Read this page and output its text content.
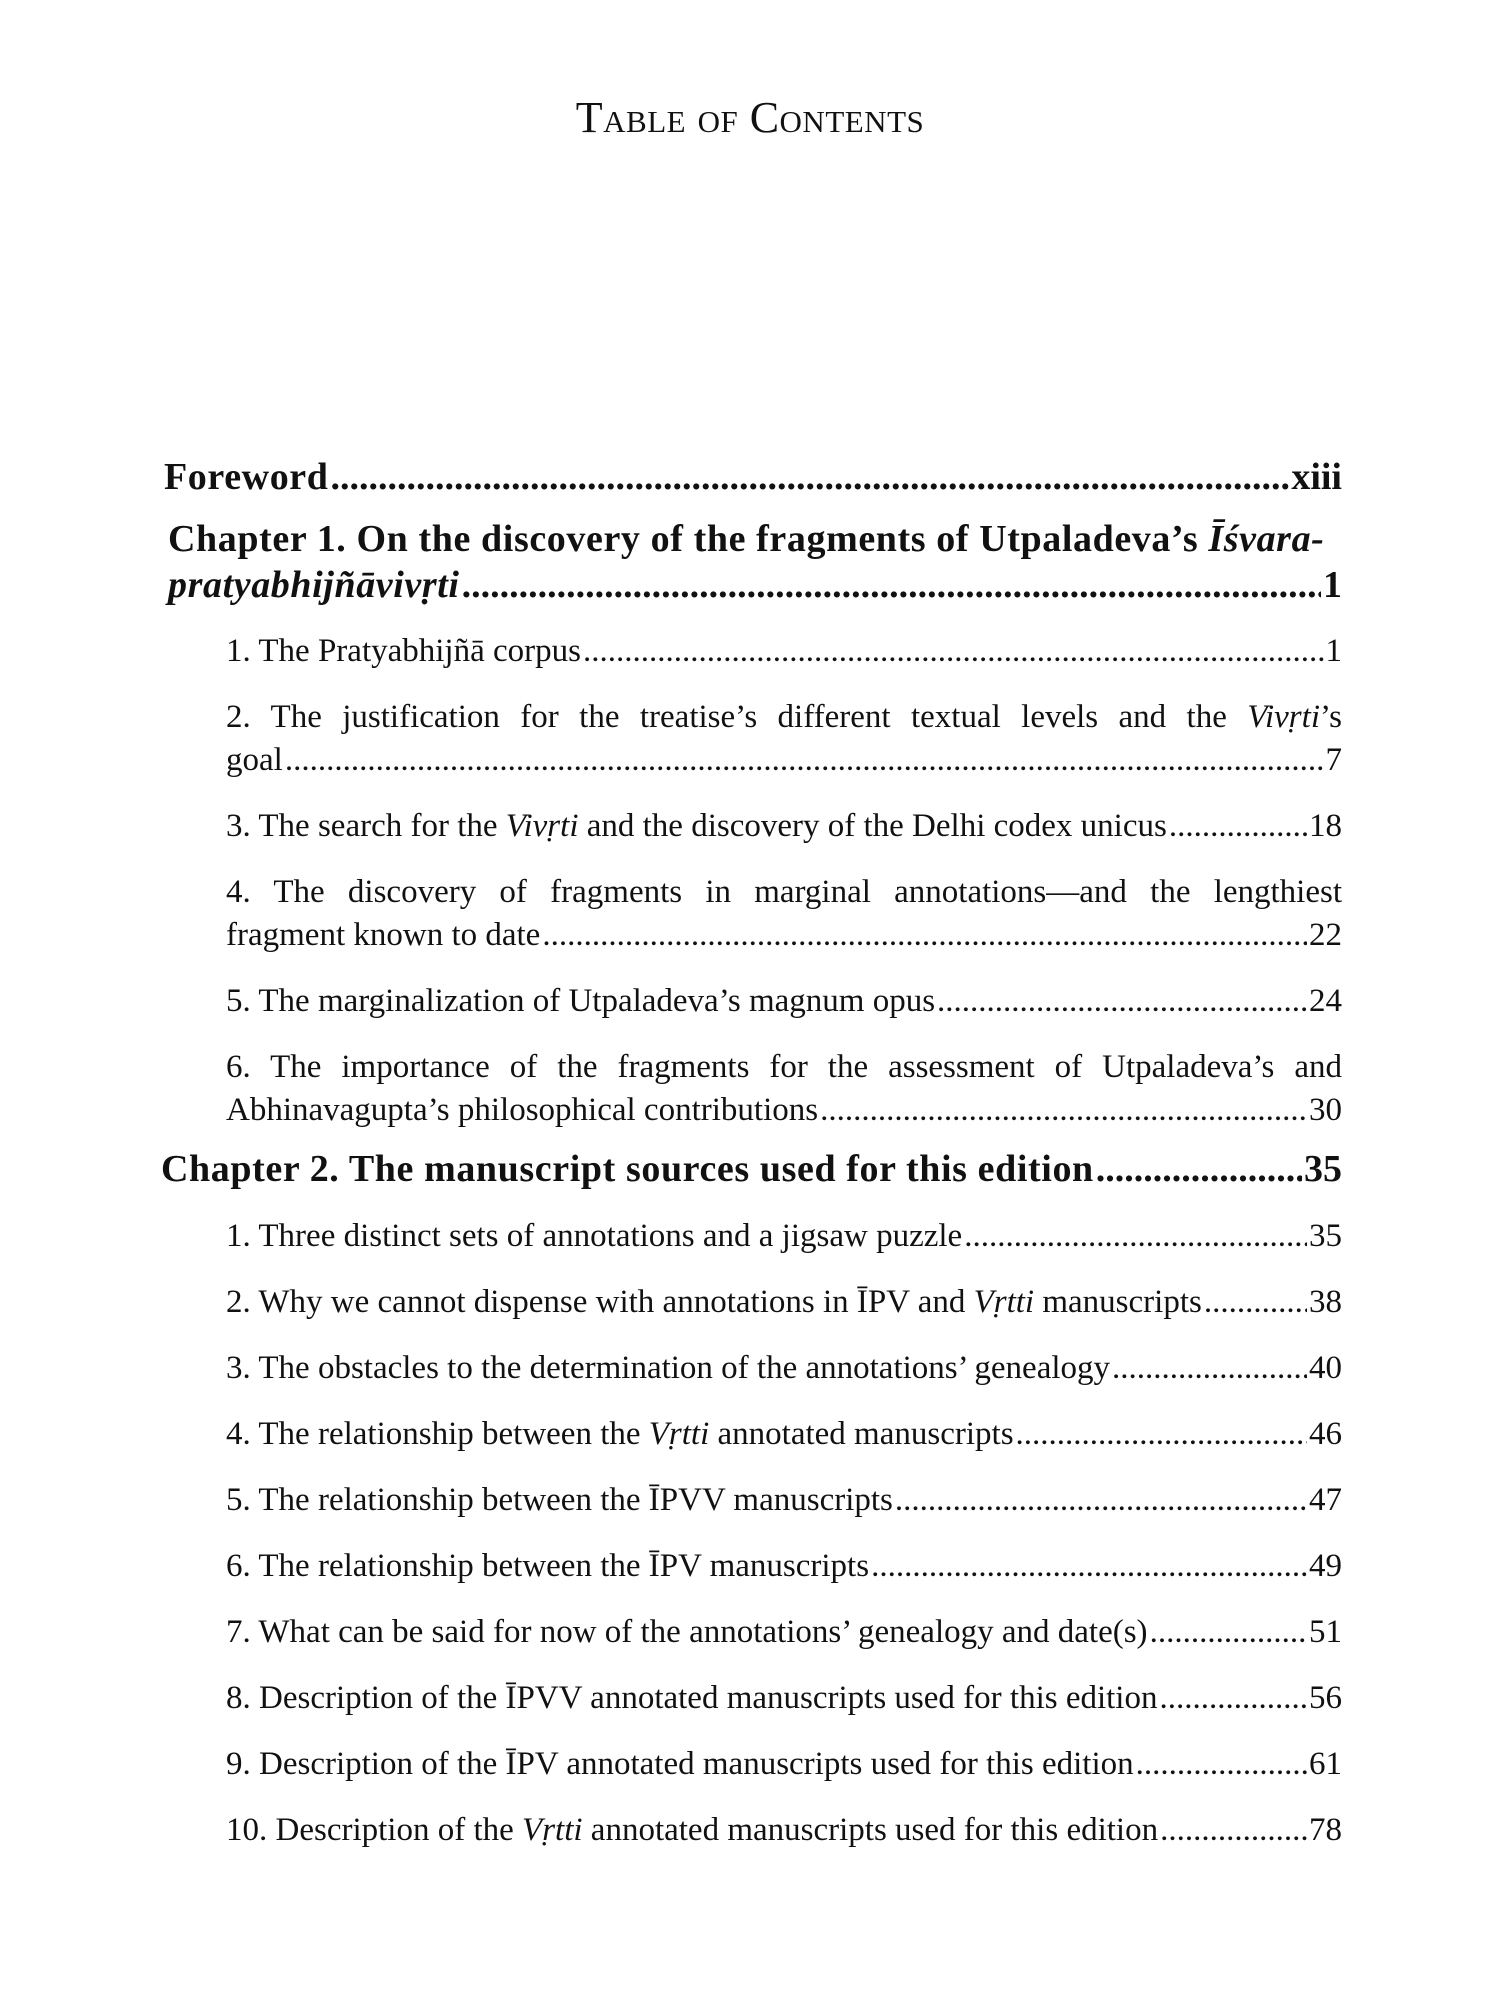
Table of Contents
Foreword .....	xiii
Chapter 1. On the discovery of the fragments of Utpaladeva’s Īśvara-
pratyabhijñāvivṛti .....	1
1. The Pratyabhijñā corpus .....	1
2. The justification for the treatise’s different textual levels and the Vivṛti’s
goal .....	7
3. The search for the Vivṛti and the discovery of the Delhi codex unicus .....	18
4. The discovery of fragments in marginal annotations—and the lengthiest
fragment known to date .....	22
5. The marginalization of Utpaladeva’s magnum opus .....	24
6. The importance of the fragments for the assessment of Utpaladeva’s and
Abhinavagupta’s philosophical contributions .....	30
Chapter 2. The manuscript sources used for this edition .....	35
1. Three distinct sets of annotations and a jigsaw puzzle .....	35
2. Why we cannot dispense with annotations in ĪPV and Vṛtti manuscripts .....	38
3. The obstacles to the determination of the annotations’ genealogy .....	40
4. The relationship between the Vṛtti annotated manuscripts .....	46
5. The relationship between the ĪPVV manuscripts .....	47
6. The relationship between the ĪPV manuscripts .....	49
7. What can be said for now of the annotations’ genealogy and date(s) .....	51
8. Description of the ĪPVV annotated manuscripts used for this edition .....	56
9. Description of the ĪPV annotated manuscripts used for this edition .....	61
10. Description of the Vṛtti annotated manuscripts used for this edition .....	78
